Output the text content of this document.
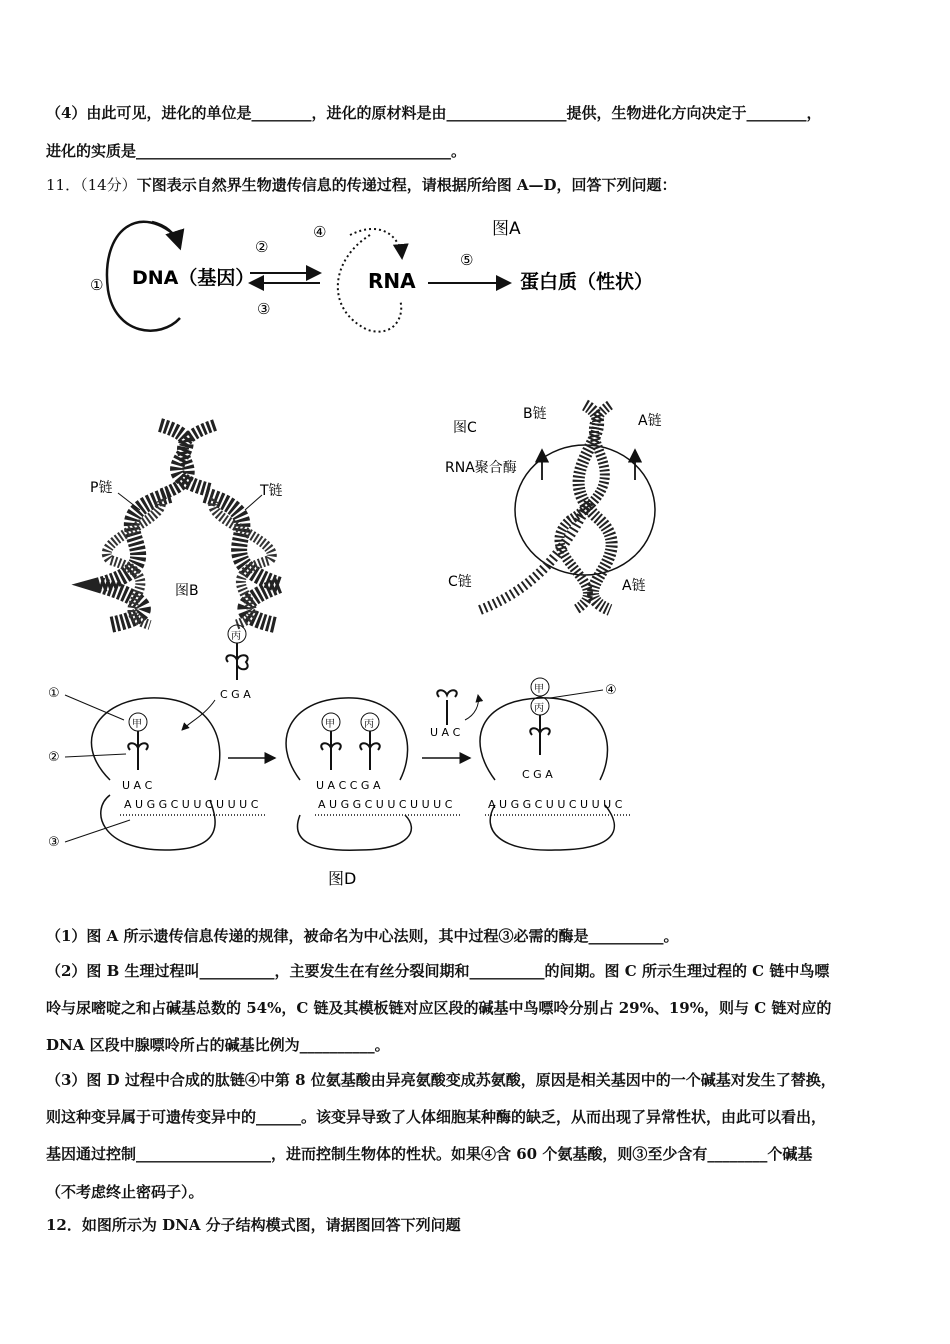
（4）由此可见，进化的单位是________，进化的原材料是由________________提供，生物进化方向决定于________，
进化的实质是__________________________________________。
11．（14分）下图表示自然界生物遗传信息的传递过程，请根据所给图 A—D，回答下列问题：
①
②
③
④
⑤
DNA（基因）	RNA	蛋白质（性状）
图A
P链	T链
图B
图C
B链	A链
RNA聚合酶
C链	A链
丙
C G A
甲
U A C
A U G G C U U C U U U C
①
②
③
甲	丙
U A C C G A
A U G G C U U C U U U C
U A C
甲
丙
C G A
A U G G C U U C U U U C
④
图D
（1）图 A 所示遗传信息传递的规律，被命名为中心法则，其中过程③必需的酶是__________。
（2）图 B 生理过程叫__________，主要发生在有丝分裂间期和__________的间期。图 C 所示生理过程的 C 链中鸟嘌
呤与尿嘧啶之和占碱基总数的 54%，C 链及其模板链对应区段的碱基中鸟嘌呤分别占 29%、19%，则与 C 链对应的
DNA 区段中腺嘌呤所占的碱基比例为__________。
（3）图 D 过程中合成的肽链④中第 8 位氨基酸由异亮氨酸变成苏氨酸，原因是相关基因中的一个碱基对发生了替换，
则这种变异属于可遗传变异中的______。该变异导致了人体细胞某种酶的缺乏，从而出现了异常性状，由此可以看出，
基因通过控制__________________，进而控制生物体的性状。如果④含 60 个氨基酸，则③至少含有________个碱基
（不考虑终止密码子）。
12．如图所示为 DNA 分子结构模式图，请据图回答下列问题
